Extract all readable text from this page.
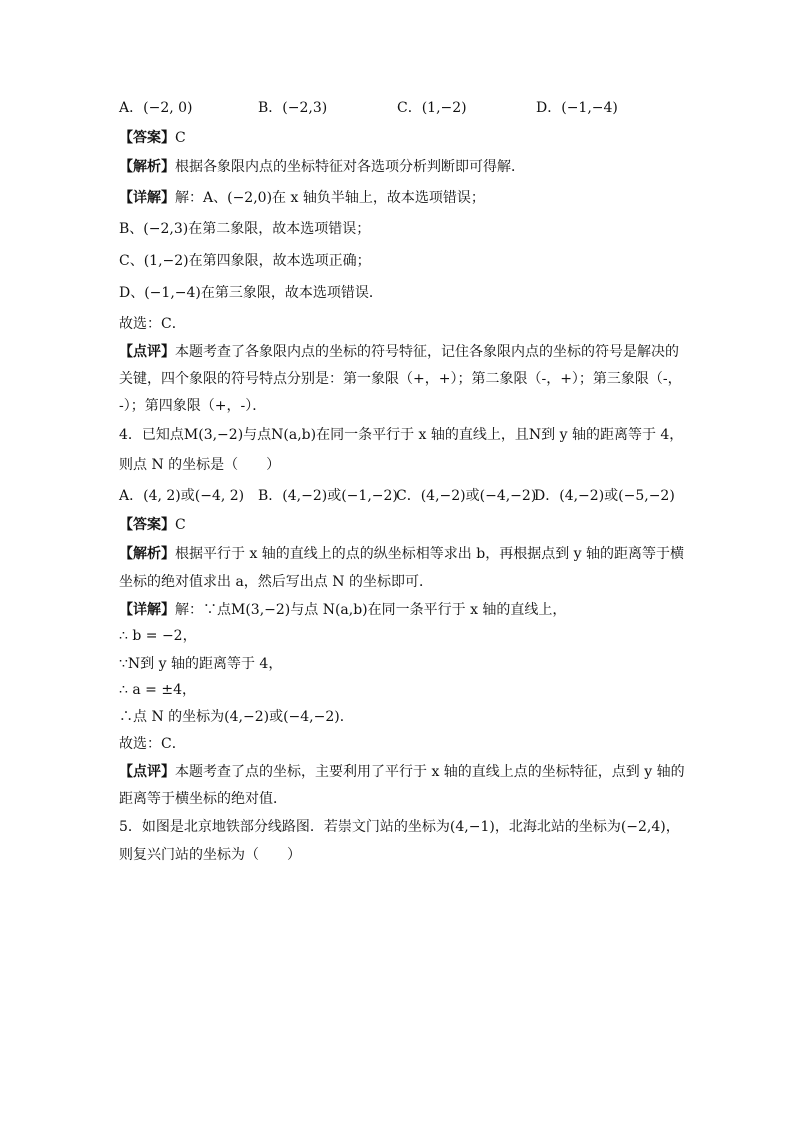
A．(−2, 0)	B．(−2,3)	C．(1,−2)	D．(−1,−4)
【答案】C
【解析】根据各象限内点的坐标特征对各选项分析判断即可得解．
【详解】解：A、(−2,0)在 x 轴负半轴上，故本选项错误；
B、(−2,3)在第二象限，故本选项错误；
C、(1,−2)在第四象限，故本选项正确；
D、(−1,−4)在第三象限，故本选项错误．
故选：C．
【点评】本题考查了各象限内点的坐标的符号特征，记住各象限内点的坐标的符号是解决的
关键，四个象限的符号特点分别是：第一象限（+，+）；第二象限（-，+）；第三象限（-，
-）；第四象限（+，-）．
4．已知点M(3,−2)与点N(a,b)在同一条平行于 x 轴的直线上，且N到 y 轴的距离等于 4，
则点 N 的坐标是（　　）
A．(4, 2)或(−4, 2) B．(4,−2)或(−1,−2)
C．(4,−2)或(−4,−2)
D．(4,−2)或(−5,−2)
【答案】C
【解析】根据平行于 x 轴的直线上的点的纵坐标相等求出 b，再根据点到 y 轴的距离等于横
坐标的绝对值求出 a，然后写出点 N 的坐标即可．
【详解】解：∵点M(3,−2)与点 N(a,b)在同一条平行于 x 轴的直线上，
∴ b = −2，
∵N到 y 轴的距离等于 4，
∴ a = ±4，
∴点 N 的坐标为(4,−2)或(−4,−2)．
故选：C．
【点评】本题考查了点的坐标，主要利用了平行于 x 轴的直线上点的坐标特征，点到 y 轴的
距离等于横坐标的绝对值．
5．如图是北京地铁部分线路图．若崇文门站的坐标为(4,−1)，北海北站的坐标为(−2,4)，
则复兴门站的坐标为（　　）
